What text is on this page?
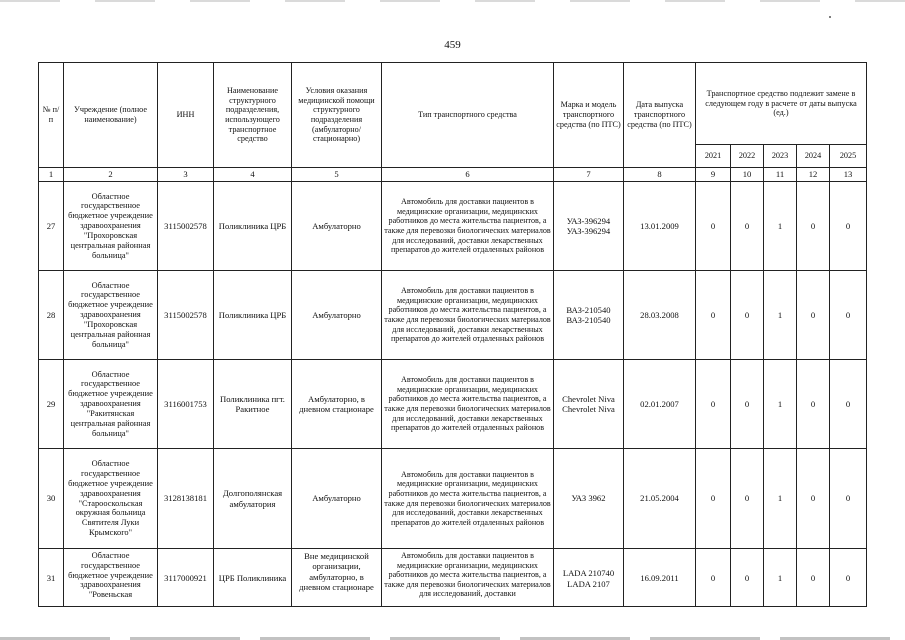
459
№ п/п	Учреждение (полное наименование)	ИНН	Наименование структурного подразделения, использующего транспортное средство	Условия оказания медицинской помощи структурного подразделения (амбулаторно/ стационарно)	Тип транспортного средства	Марка и модель транспортного средства (по ПТС)	Дата выпуска транспортного средства (по ПТС)	Транспортное средство подлежит замене в следующем году в расчете от даты выпуска (ед.)				
								2021	2022	2023	2024	2025
1	2	3	4	5	6	7	8	9	10	11	12	13
27	Областное государственное бюджетное учреждение здравоохранения "Прохоровская центральная районная больница"	3115002578	Поликлиника ЦРБ	Амбулаторно	Автомобиль для доставки пациентов в медицинские организации, медицинских работников до места жительства пациентов, а также для перевозки биологических материалов для исследований, доставки лекарственных препаратов до жителей отдаленных районов	УАЗ-396294 УАЗ-396294	13.01.2009	0	0	1	0	0
28	Областное государственное бюджетное учреждение здравоохранения "Прохоровская центральная районная больница"	3115002578	Поликлиника ЦРБ	Амбулаторно	Автомобиль для доставки пациентов в медицинские организации, медицинских работников до места жительства пациентов, а также для перевозки биологических материалов для исследований, доставки лекарственных препаратов до жителей отдаленных районов	ВАЗ-210540 ВАЗ-210540	28.03.2008	0	0	1	0	0
29	Областное государственное бюджетное учреждение здравоохранения "Ракитянская центральная районная больница"	3116001753	Поликлиника пгт. Ракитное	Амбулаторно, в дневном стационаре	Автомобиль для доставки пациентов в медицинские организации, медицинских работников до места жительства пациентов, а также для перевозки биологических материалов для исследований, доставки лекарственных препаратов до жителей отдаленных районов	Chevrolet Niva Chevrolet Niva	02.01.2007	0	0	1	0	0
30	Областное государственное бюджетное учреждение здравоохранения "Старооскольская окружная больница Святителя Луки Крымского"	3128138181	Долгополянская амбулатория	Амбулаторно	Автомобиль для доставки пациентов в медицинские организации, медицинских работников до места жительства пациентов, а также для перевозки биологических материалов для исследований, доставки лекарственных препаратов до жителей отдаленных районов	УАЗ 3962	21.05.2004	0	0	1	0	0
31	Областное государственное бюджетное учреждение здравоохранения "Ровеньская	3117000921	ЦРБ Поликлиника	Вне медицинской организации, амбулаторно, в дневном стационаре	Автомобиль для доставки пациентов в медицинские организации, медицинских работников до места жительства пациентов, а также для перевозки биологических материалов для исследований, доставки	LADA 210740 LADA 2107	16.09.2011	0	0	1	0	0
